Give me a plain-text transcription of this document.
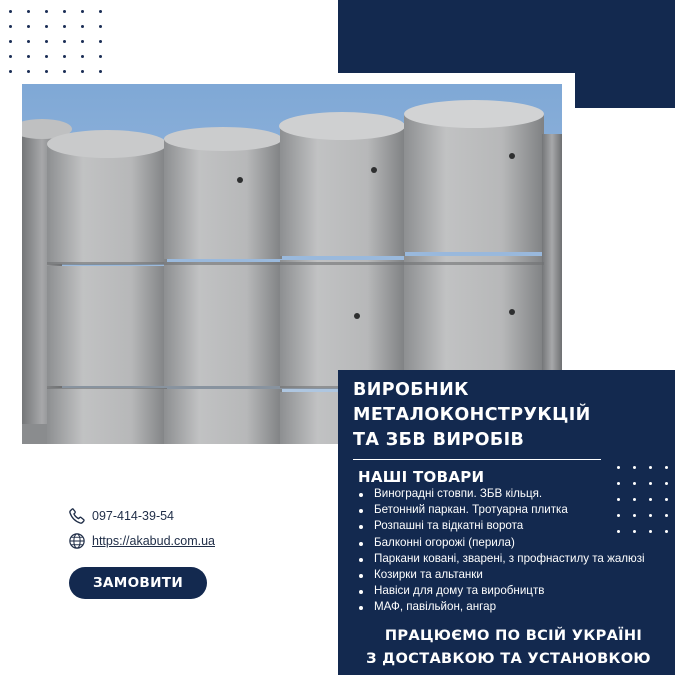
ВИРОБНИК
МЕТАЛОКОНСТРУКЦІЙ
ТА ЗБВ ВИРОБІВ
НАШІ ТОВАРИ
Виноградні стовпи. ЗБВ кільця.
Бетонний паркан. Тротуарна плитка
Розпашні та відкатні ворота
Балконні огорожі (перила)
Паркани ковані, зварені, з профнастилу та жалюзі
Козирки та альтанки
Навіси для дому та виробництв
МАФ, павільйон, ангар
ПРАЦЮЄМО ПО ВСІЙ УКРАЇНІ
З ДОСТАВКОЮ ТА УСТАНОВКОЮ
097-414-39-54
https://akabud.com.ua
ЗАМОВИТИ
